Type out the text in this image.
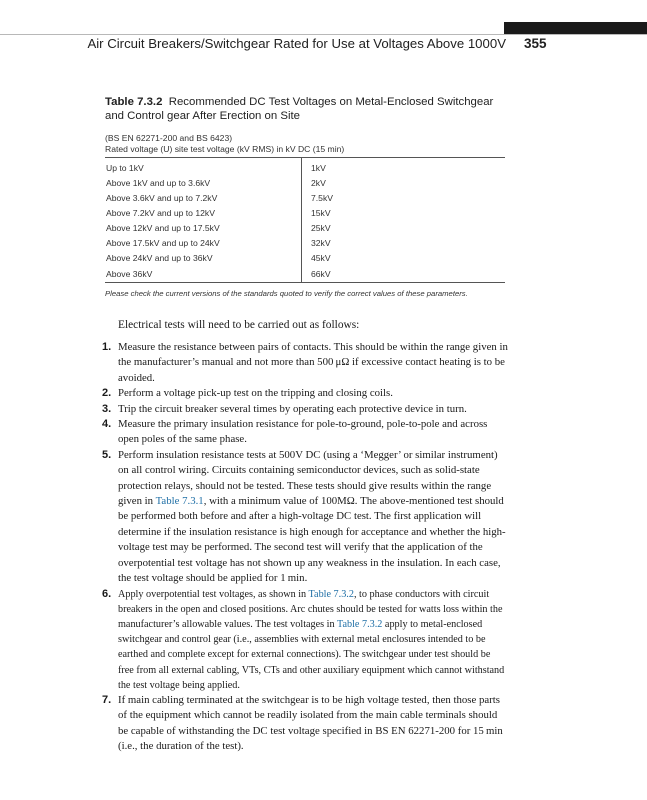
Air Circuit Breakers/Switchgear Rated for Use at Voltages Above 1000V 355
Table 7.3.2 Recommended DC Test Voltages on Metal-Enclosed Switchgear and Control gear After Erection on Site
(BS EN 62271-200 and BS 6423)
Rated voltage (U) site test voltage (kV RMS) in kV DC (15 min)

Up to 1kV	1kV
Above 1kV and up to 3.6kV	2kV
Above 3.6kV and up to 7.2kV	7.5kV
Above 7.2kV and up to 12kV	15kV
Above 12kV and up to 17.5kV	25kV
Above 17.5kV and up to 24kV	32kV
Above 24kV and up to 36kV	45kV
Above 36kV	66kV
Please check the current versions of the standards quoted to verify the correct values of these parameters.
Electrical tests will need to be carried out as follows:
1. Measure the resistance between pairs of contacts. This should be within the range given in the manufacturer’s manual and not more than 500 μΩ if excessive contact heating is to be avoided.
2. Perform a voltage pick-up test on the tripping and closing coils.
3. Trip the circuit breaker several times by operating each protective device in turn.
4. Measure the primary insulation resistance for pole-to-ground, pole-to-pole and across open poles of the same phase.
5. Perform insulation resistance tests at 500V DC (using a ‘Megger’ or similar instrument) on all control wiring. Circuits containing semiconductor devices, such as solid-state protection relays, should not be tested. These tests should give results within the range given in Table 7.3.1, with a minimum value of 100MΩ. The above-mentioned test should be performed both before and after a high-voltage DC test. The first application will determine if the insulation resistance is high enough for acceptance and whether the high-voltage test may be performed. The second test will verify that the application of the overpotential test voltage has not shown up any weakness in the insulation. In each case, the test voltage should be applied for 1 min.
6. Apply overpotential test voltages, as shown in Table 7.3.2, to phase conductors with circuit breakers in the open and closed positions. Arc chutes should be tested for watts loss within the manufacturer’s allowable values. The test voltages in Table 7.3.2 apply to metal-enclosed switchgear and control gear (i.e., assemblies with external metal enclosures intended to be earthed and complete except for external connections). The switchgear under test should be free from all external cabling, VTs, CTs and other auxiliary equipment which cannot withstand the test voltage being applied.
7. If main cabling terminated at the switchgear is to be high voltage tested, then those parts of the equipment which cannot be readily isolated from the main cable terminals should be capable of withstanding the DC test voltage specified in BS EN 62271-200 for 15 min (i.e., the duration of the test).
